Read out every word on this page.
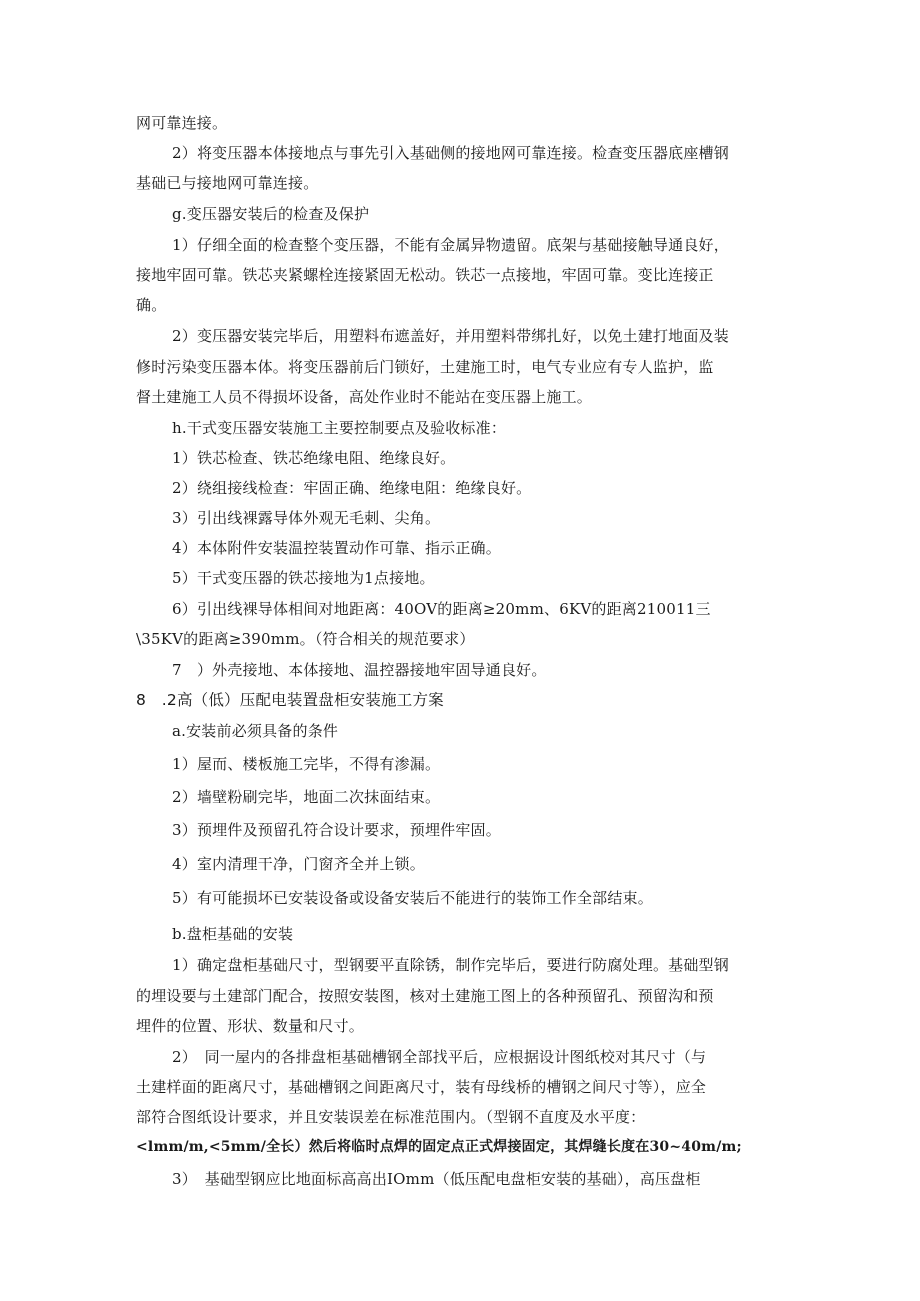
网可靠连接。
2）将变压器本体接地点与事先引入基础侧的接地网可靠连接。检查变压器底座槽钢
基础已与接地网可靠连接。
g.变压器安装后的检查及保护
1）仔细全面的检查整个变压器，不能有金属异物遗留。底架与基础接触导通良好，
接地牢固可靠。铁芯夹紧螺栓连接紧固无松动。铁芯一点接地，牢固可靠。变比连接正
确。
2）变压器安装完毕后，用塑料布遮盖好，并用塑料带绑扎好，以免土建打地面及装
修时污染变压器本体。将变压器前后门锁好，土建施工时，电气专业应有专人监护，监
督土建施工人员不得损坏设备，高处作业时不能站在变压器上施工。
h.干式变压器安装施工主要控制要点及验收标准：
1）铁芯检查、铁芯绝缘电阻、绝缘良好。
2）绕组接线检查：牢固正确、绝缘电阻：绝缘良好。
3）引出线裸露导体外观无毛刺、尖角。
4）本体附件安装温控装置动作可靠、指示正确。
5）干式变压器的铁芯接地为1点接地。
6）引出线裸导体相间对地距离：40OV的距离≥20mm、6KV的距离210011三
\35KV的距离≥390mm。（符合相关的规范要求）
7　）外壳接地、本体接地、温控器接地牢固导通良好。
8　.2高（低）压配电装置盘柜安装施工方案
a.安装前必须具备的条件
1）屋而、楼板施工完毕，不得有渗漏。
2）墙壁粉刷完毕，地面二次抹面结束。
3）预埋件及预留孔符合设计要求，预埋件牢固。
4）室内清理干净，门窗齐全并上锁。
5）有可能损坏已安装设备或设备安装后不能进行的装饰工作全部结束。
b.盘柜基础的安装
1）确定盘柜基础尺寸，型钢要平直除锈，制作完毕后，要进行防腐处理。基础型钢
的埋设要与土建部门配合，按照安装图，核对土建施工图上的各种预留孔、预留沟和预
埋件的位置、形状、数量和尺寸。
2）　同一屋内的各排盘柜基础槽钢全部找平后，应根据设计图纸校对其尺寸（与
土建样面的距离尺寸，基础槽钢之间距离尺寸，装有母线桥的槽钢之间尺寸等），应全
部符合图纸设计要求，并且安装误差在标准范围内。（型钢不直度及水平度：
<lmm/m,<5mm/全长）然后将临时点焊的固定点正式焊接固定，其焊缝长度在30~40m/m;
3）　基础型钢应比地面标高高出IOmm（低压配电盘柜安装的基础），高压盘柜
